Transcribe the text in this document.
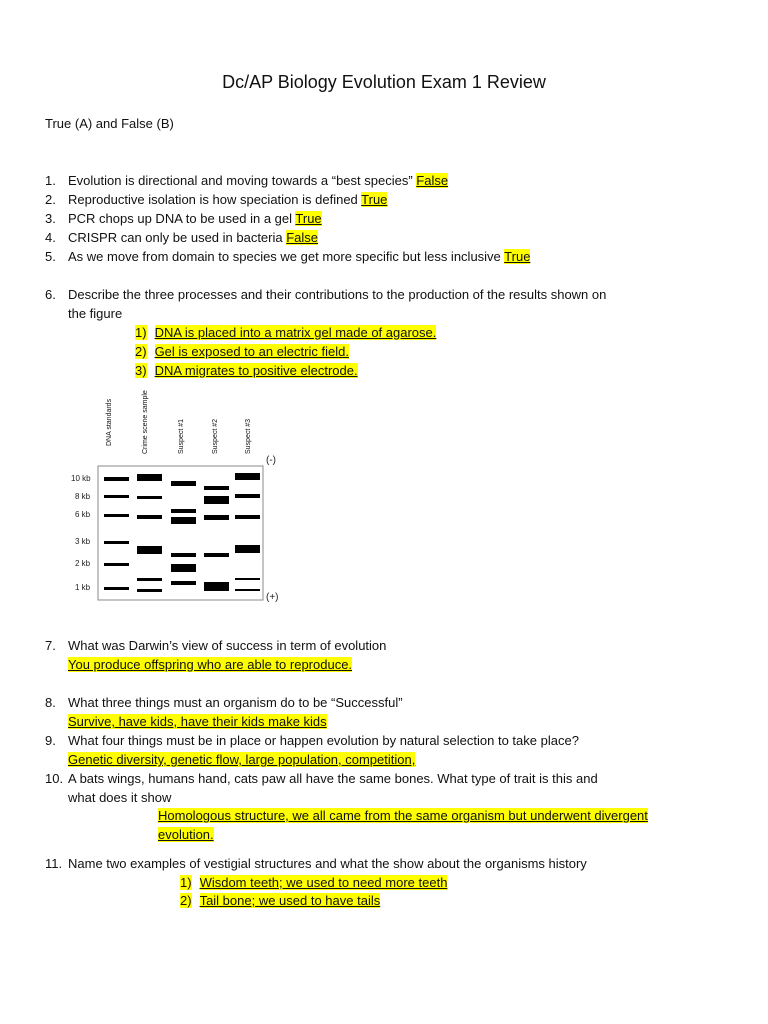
Dc/AP Biology Evolution Exam 1 Review
True (A) and False (B)
1. Evolution is directional and moving towards a “best species” False
2. Reproductive isolation is how speciation is defined True
3. PCR chops up DNA to be used in a gel True
4. CRISPR can only be used in bacteria False
5. As we move from domain to species we get more specific but less inclusive True
6. Describe the three processes and their contributions to the production of the results shown on
the figure
1) DNA is placed into a matrix gel made of agarose.
2) Gel is exposed to an electric field.
3) DNA migrates to positive electrode.
DNA standards	Crime scene sample	Suspect #1	Suspect #2	Suspect #3
10 kb
8 kb
6 kb
3 kb
2 kb
1 kb
(-)
(+)
7. What was Darwin’s view of success in term of evolution
You produce offspring who are able to reproduce.
8. What three things must an organism do to be “Successful”
Survive, have kids, have their kids make kids
9. What four things must be in place or happen evolution by natural selection to take place?
Genetic diversity, genetic flow, large population, competition,
10. A bats wings, humans hand, cats paw all have the same bones. What type of trait is this and
what does it show
Homologous structure, we all came from the same organism but underwent divergent
evolution.
11. Name two examples of vestigial structures and what the show about the organisms history
1) Wisdom teeth; we used to need more teeth
2) Tail bone; we used to have tails
